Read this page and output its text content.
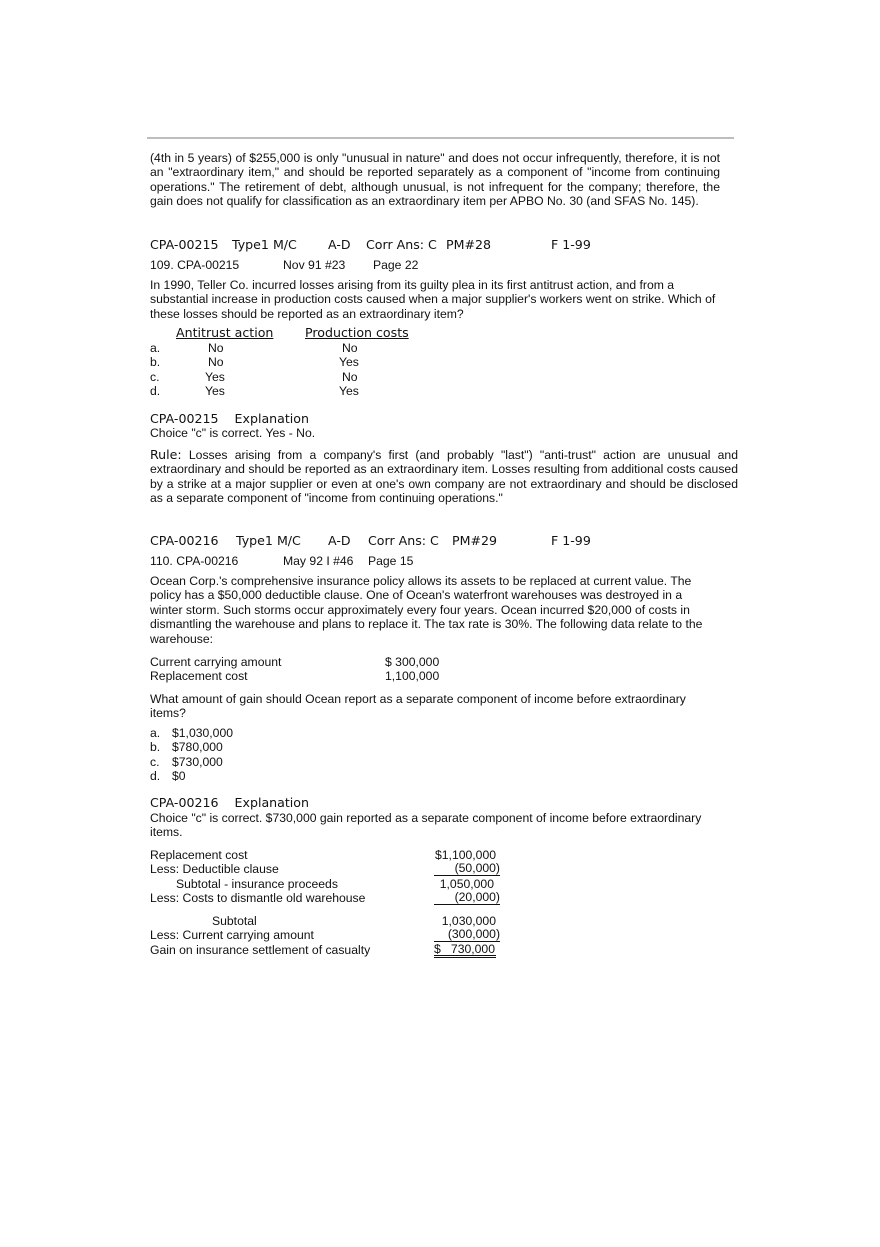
(4th in 5 years) of $255,000 is only "unusual in nature" and does not occur infrequently, therefore, it is not an "extraordinary item," and should be reported separately as a component of "income from continuing operations." The retirement of debt, although unusual, is not infrequent for the company; therefore, the gain does not qualify for classification as an extraordinary item per APBO No. 30 (and SFAS No. 145).
CPA-00215 Type1 M/C A-D Corr Ans: C PM#28	F 1-99
109. CPA-00215	Nov 91 #23 Page 22
In 1990, Teller Co. incurred losses arising from its guilty plea in its first antitrust action, and from a substantial increase in production costs caused when a major supplier's workers went on strike. Which of these losses should be reported as an extraordinary item?
Antitrust action	Production costs
a.	No	No
b.	No	Yes
c.	Yes	No
d.	Yes	Yes
CPA-00215    Explanation
Choice "c" is correct. Yes - No.
Rule: Losses arising from a company's first (and probably "last") "anti-trust" action are unusual and extraordinary and should be reported as an extraordinary item. Losses resulting from additional costs caused by a strike at a major supplier or even at one's own company are not extraordinary and should be disclosed as a separate component of "income from continuing operations."
CPA-00216 Type1 M/C A-D Corr Ans: C PM#29	F 1-99
110. CPA-00216	May 92 I #46 Page 15
Ocean Corp.'s comprehensive insurance policy allows its assets to be replaced at current value. The policy has a $50,000 deductible clause. One of Ocean's waterfront warehouses was destroyed in a winter storm. Such storms occur approximately every four years. Ocean incurred $20,000 of costs in dismantling the warehouse and plans to replace it. The tax rate is 30%. The following data relate to the warehouse:
Current carrying amount	$ 300,000
Replacement cost	1,100,000
What amount of gain should Ocean report as a separate component of income before extraordinary items?
a. $1,030,000
b. $780,000
c. $730,000
d. $0
CPA-00216    Explanation
Choice "c" is correct. $730,000 gain reported as a separate component of income before extraordinary items.
Replacement cost	$1,100,000
Less: Deductible clause	(50,000)
Subtotal - insurance proceeds	1,050,000
Less: Costs to dismantle old warehouse	(20,000)
Subtotal	1,030,000
Less: Current carrying amount	(300,000)
Gain on insurance settlement of casualty	$   730,000
